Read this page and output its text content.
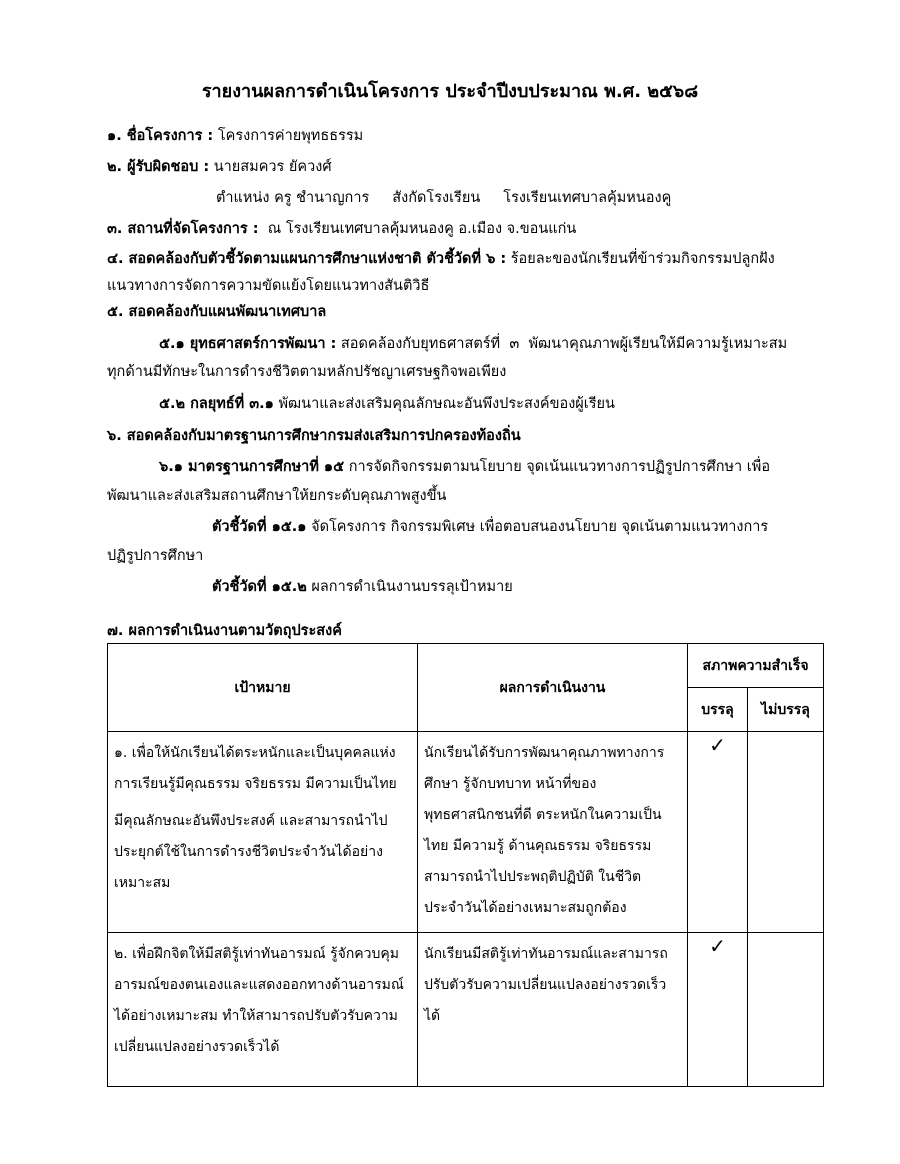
รายงานผลการดำเนินโครงการ ประจำปีงบประมาณ พ.ศ. ๒๕๖๘
๑. ชื่อโครงการ : โครงการค่ายพุทธธรรม
๒. ผู้รับผิดชอบ : นายสมควร ยัควงศ์
ตำแหน่ง ครู ชำนาญการ     สังกัดโรงเรียน     โรงเรียนเทศบาลคุ้มหนองคู
๓. สถานที่จัดโครงการ :  ณ โรงเรียนเทศบาลคุ้มหนองคู อ.เมือง จ.ขอนแก่น
๔. สอดคล้องกับตัวชี้วัดตามแผนการศึกษาแห่งชาติ ตัวชี้วัดที่ ๖ : ร้อยละของนักเรียนที่ข้าร่วมกิจกรรมปลูกฝัง
แนวทางการจัดการความขัดแย้งโดยแนวทางสันติวิธี
๕. สอดคล้องกับแผนพัฒนาเทศบาล
๕.๑ ยุทธศาสตร์การพัฒนา : สอดคล้องกับยุทธศาสตร์ที่  ๓  พัฒนาคุณภาพผู้เรียนให้มีความรู้เหมาะสม
ทุกด้านมีทักษะในการดำรงชีวิตตามหลักปรัชญาเศรษฐกิจพอเพียง
๕.๒ กลยุทธ์ที่ ๓.๑ พัฒนาและส่งเสริมคุณลักษณะอันพึงประสงค์ของผู้เรียน
๖. สอดคล้องกับมาตรฐานการศึกษากรมส่งเสริมการปกครองท้องถิ่น
๖.๑ มาตรฐานการศึกษาที่ ๑๕ การจัดกิจกรรมตามนโยบาย จุดเน้นแนวทางการปฏิรูปการศึกษา เพื่อ
พัฒนาและส่งเสริมสถานศึกษาให้ยกระดับคุณภาพสูงขึ้น
ตัวชี้วัดที่ ๑๕.๑ จัดโครงการ กิจกรรมพิเศษ เพื่อตอบสนองนโยบาย จุดเน้นตามแนวทางการ
ปฏิรูปการศึกษา
ตัวชี้วัดที่ ๑๕.๒ ผลการดำเนินงานบรรลุเป้าหมาย
๗. ผลการดำเนินงานตามวัตถุประสงค์
เป้าหมาย	ผลการดำเนินงาน	สภาพความสำเร็จ	
		บรรลุ	ไม่บรรลุ

๑. เพื่อให้นักเรียนได้ตระหนักและเป็นบุคคลแห่งการเรียนรู้มีคุณธรรม จริยธรรม มีความเป็นไทย
มีคุณลักษณะอันพึงประสงค์ และสามารถนำไปประยุกต์ใช้ในการดำรงชีวิตประจำวันได้อย่างเหมาะสม	นักเรียนได้รับการพัฒนาคุณภาพทางการศึกษา รู้จักบทบาท หน้าที่ของพุทธศาสนิกชนที่ดี ตระหนักในความเป็นไทย มีความรู้ ด้านคุณธรรม จริยธรรมสามารถนำไปประพฤติปฏิบัติ ในชีวิตประจำวันได้อย่างเหมาะสมถูกต้อง	✓	

๒. เพื่อฝึกจิตให้มีสติรู้เท่าทันอารมณ์ รู้จักควบคุมอารมณ์ของตนเองและแสดงออกทางด้านอารมณ์ได้อย่างเหมาะสม ทำให้สามารถปรับตัวรับความเปลี่ยนแปลงอย่างรวดเร็วได้	นักเรียนมีสติรู้เท่าทันอารมณ์และสามารถปรับตัวรับความเปลี่ยนแปลงอย่างรวดเร็วได้	✓	
